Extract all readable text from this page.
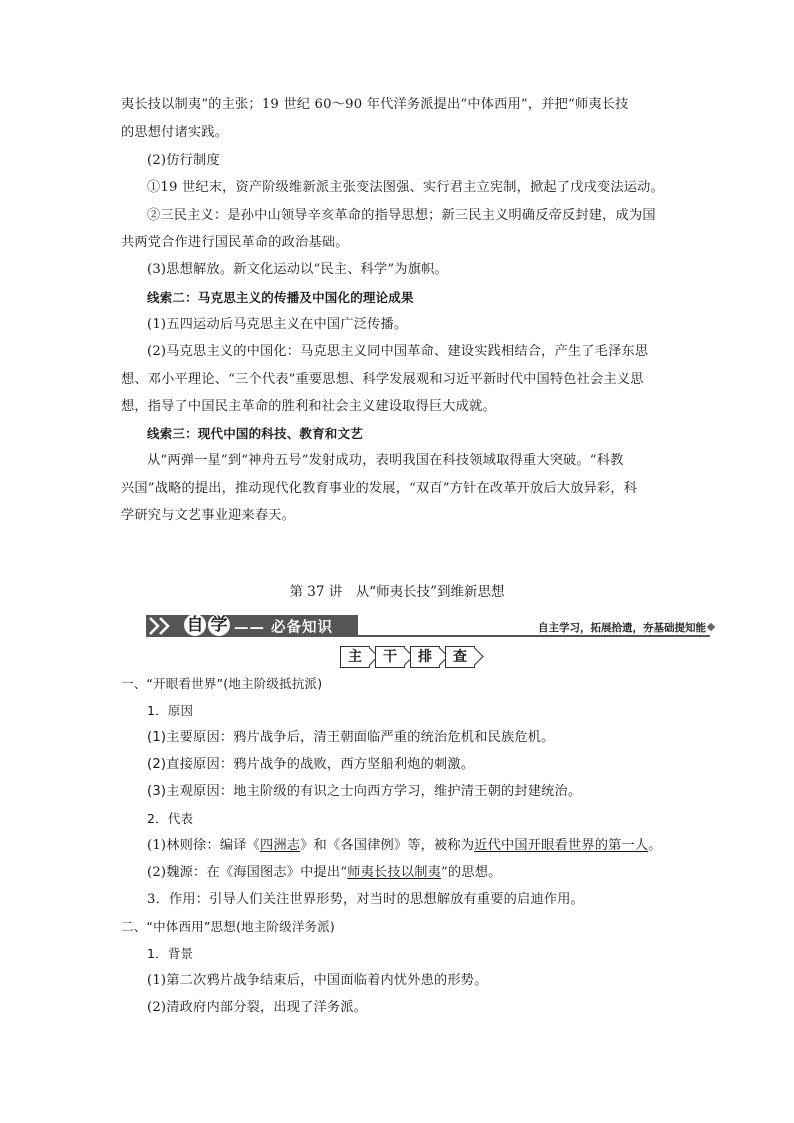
夷长技以制夷”的主张；19 世纪 60～90 年代洋务派提出“中体西用”，并把“师夷长技
的思想付诸实践。
(2)仿行制度
①19 世纪末，资产阶级维新派主张变法图强、实行君主立宪制，掀起了戊戌变法运动。
②三民主义：是孙中山领导辛亥革命的指导思想；新三民主义明确反帝反封建，成为国
共两党合作进行国民革命的政治基础。
(3)思想解放。新文化运动以“民主、科学”为旗帜。
线索二：马克思主义的传播及中国化的理论成果
(1)五四运动后马克思主义在中国广泛传播。
(2)马克思主义的中国化：马克思主义同中国革命、建设实践相结合，产生了毛泽东思
想、邓小平理论、“三个代表”重要思想、科学发展观和习近平新时代中国特色社会主义思
想，指导了中国民主革命的胜利和社会主义建设取得巨大成就。
线索三：现代中国的科技、教育和文艺
从“两弹一星”到“神舟五号”发射成功，表明我国在科技领域取得重大突破。“科教
兴国”战略的提出，推动现代化教育事业的发展，“双百”方针在改革开放后大放异彩，科
学研究与文艺事业迎来春天。
第 37 讲　从“师夷长技”到维新思想
自 学 —— 必备知识	自主学习，拓展拾遗，夯基础提知能
主	干	排	查
一、“开眼看世界”(地主阶级抵抗派)
1．原因
(1)主要原因：鸦片战争后，清王朝面临严重的统治危机和民族危机。
(2)直接原因：鸦片战争的战败，西方坚船利炮的刺激。
(3)主观原因：地主阶级的有识之士向西方学习，维护清王朝的封建统治。
2．代表
(1)林则徐：编译《四洲志》和《各国律例》等，被称为近代中国开眼看世界的第一人。
(2)魏源：在《海国图志》中提出“师夷长技以制夷”的思想。
3．作用：引导人们关注世界形势，对当时的思想解放有重要的启迪作用。
二、“中体西用”思想(地主阶级洋务派)
1．背景
(1)第二次鸦片战争结束后，中国面临着内忧外患的形势。
(2)清政府内部分裂，出现了洋务派。
